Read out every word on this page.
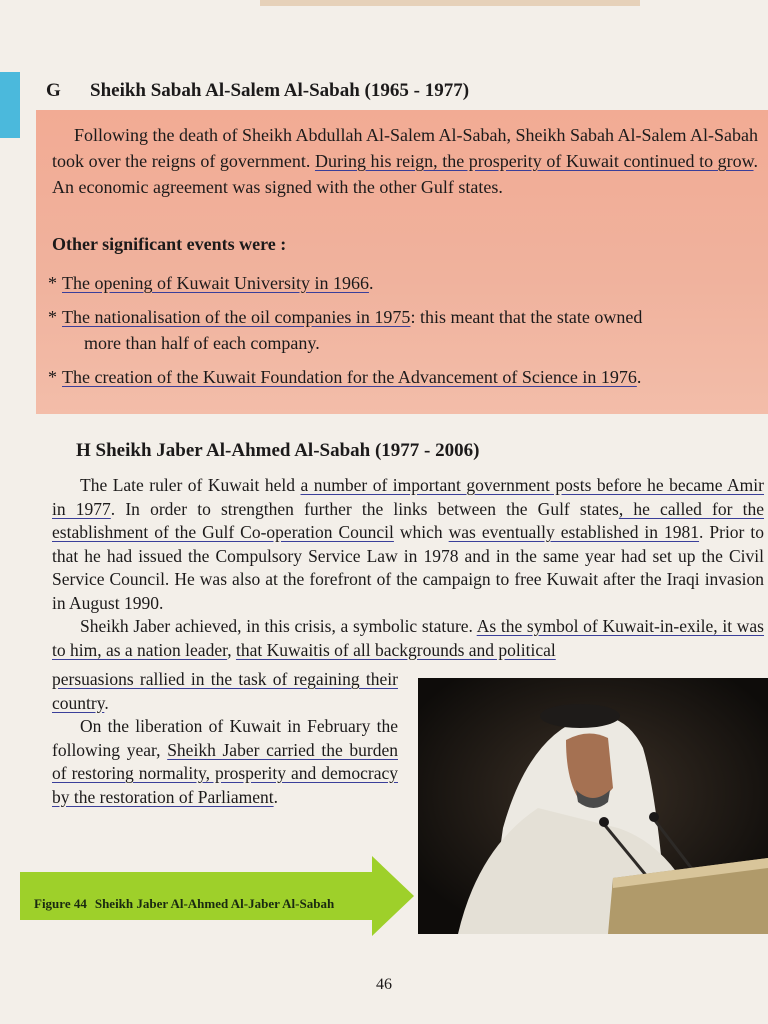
G Sheikh Sabah Al-Salem Al-Sabah (1965 - 1977)

Following the death of Sheikh Abdullah Al-Salem Al-Sabah, Sheikh Sabah Al-Salem Al-Sabah took over the reigns of government. During his reign, the prosperity of Kuwait continued to grow. An economic agreement was signed with the other Gulf states.

Other significant events were :
* The opening of Kuwait University in 1966.
* The nationalisation of the oil companies in 1975: this meant that the state owned
more than half of each company.
* The creation of the Kuwait Foundation for the Advancement of Science in 1976.
H Sheikh Jaber Al-Ahmed Al-Sabah (1977 - 2006)

The Late ruler of Kuwait held a number of important government posts before he became Amir in 1977. In order to strengthen further the links between the Gulf states, he called for the establishment of the Gulf Co-operation Council which was eventually established in 1981. Prior to that he had issued the Compulsory Service Law in 1978 and in the same year had set up the Civil Service Council. He was also at the forefront of the campaign to free Kuwait after the Iraqi invasion in August 1990.

Sheikh Jaber achieved, in this crisis, a symbolic stature. As the symbol of Kuwait-in-exile, it was to him, as a nation leader, that Kuwaitis of all backgrounds and political

persuasions rallied in the task of regaining their country.

On the liberation of Kuwait in February the following year, Sheikh Jaber carried the burden of restoring normality, prosperity and democracy by the restoration of Parliament.

Figure 44 Sheikh Jaber Al-Ahmed Al-Jaber Al-Sabah
46
